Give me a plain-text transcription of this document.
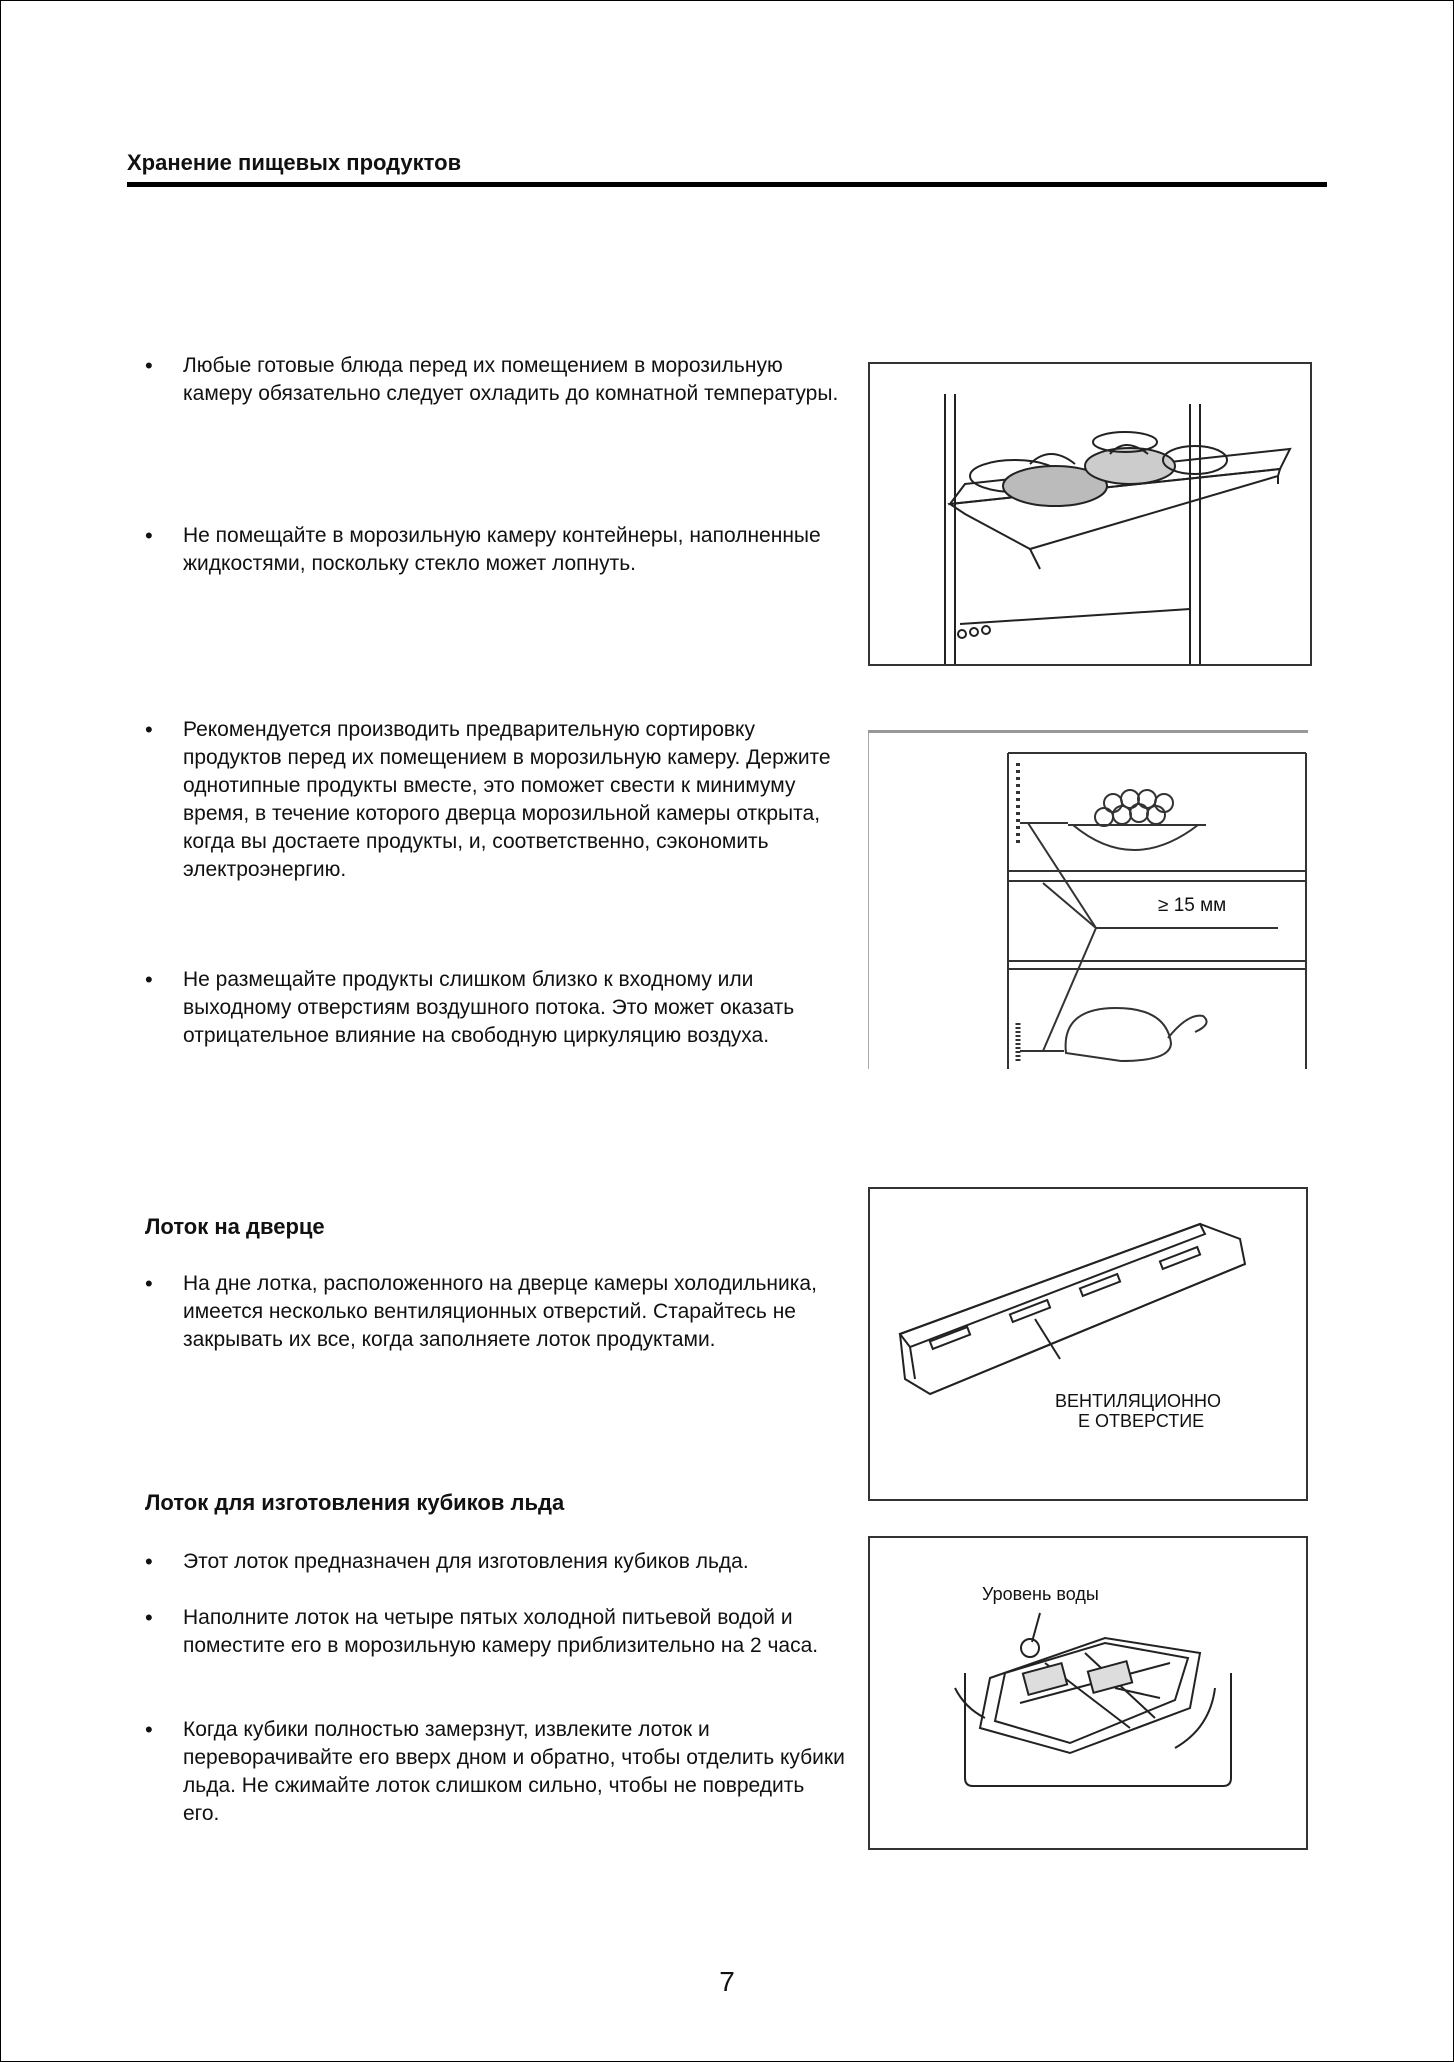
Хранение пищевых продуктов
• Любые готовые блюда перед их помещением в морозильную камеру обязательно следует охладить до комнатной температуры.
• Не помещайте в морозильную камеру контейнеры, наполненные жидкостями, поскольку стекло может лопнуть.
• Рекомендуется производить предварительную сортировку продуктов перед их помещением в морозильную камеру. Держите однотипные продукты вместе, это поможет свести к минимуму время, в течение которого дверца морозильной камеры открыта, когда вы достаете продукты, и, соответственно, сэкономить электроэнергию.
• Не размещайте продукты слишком близко к входному или выходному отверстиям воздушного потока. Это может оказать отрицательное влияние на свободную циркуляцию воздуха.
≥ 15 мм
Лоток на дверце
• На дне лотка, расположенного на дверце камеры холодильника, имеется несколько вентиляционных отверстий. Старайтесь не закрывать их все, когда заполняете лоток продуктами.
ВЕНТИЛЯЦИОННО
Е ОТВЕРСТИЕ
Лоток для изготовления кубиков льда
• Этот лоток предназначен для изготовления кубиков льда.
• Наполните лоток на четыре пятых холодной питьевой водой и поместите его в морозильную камеру приблизительно на 2 часа.
• Когда кубики полностью замерзнут, извлеките лоток и переворачивайте его вверх дном и обратно, чтобы отделить кубики льда. Не сжимайте лоток слишком сильно, чтобы не повредить его.
Уровень воды
7
